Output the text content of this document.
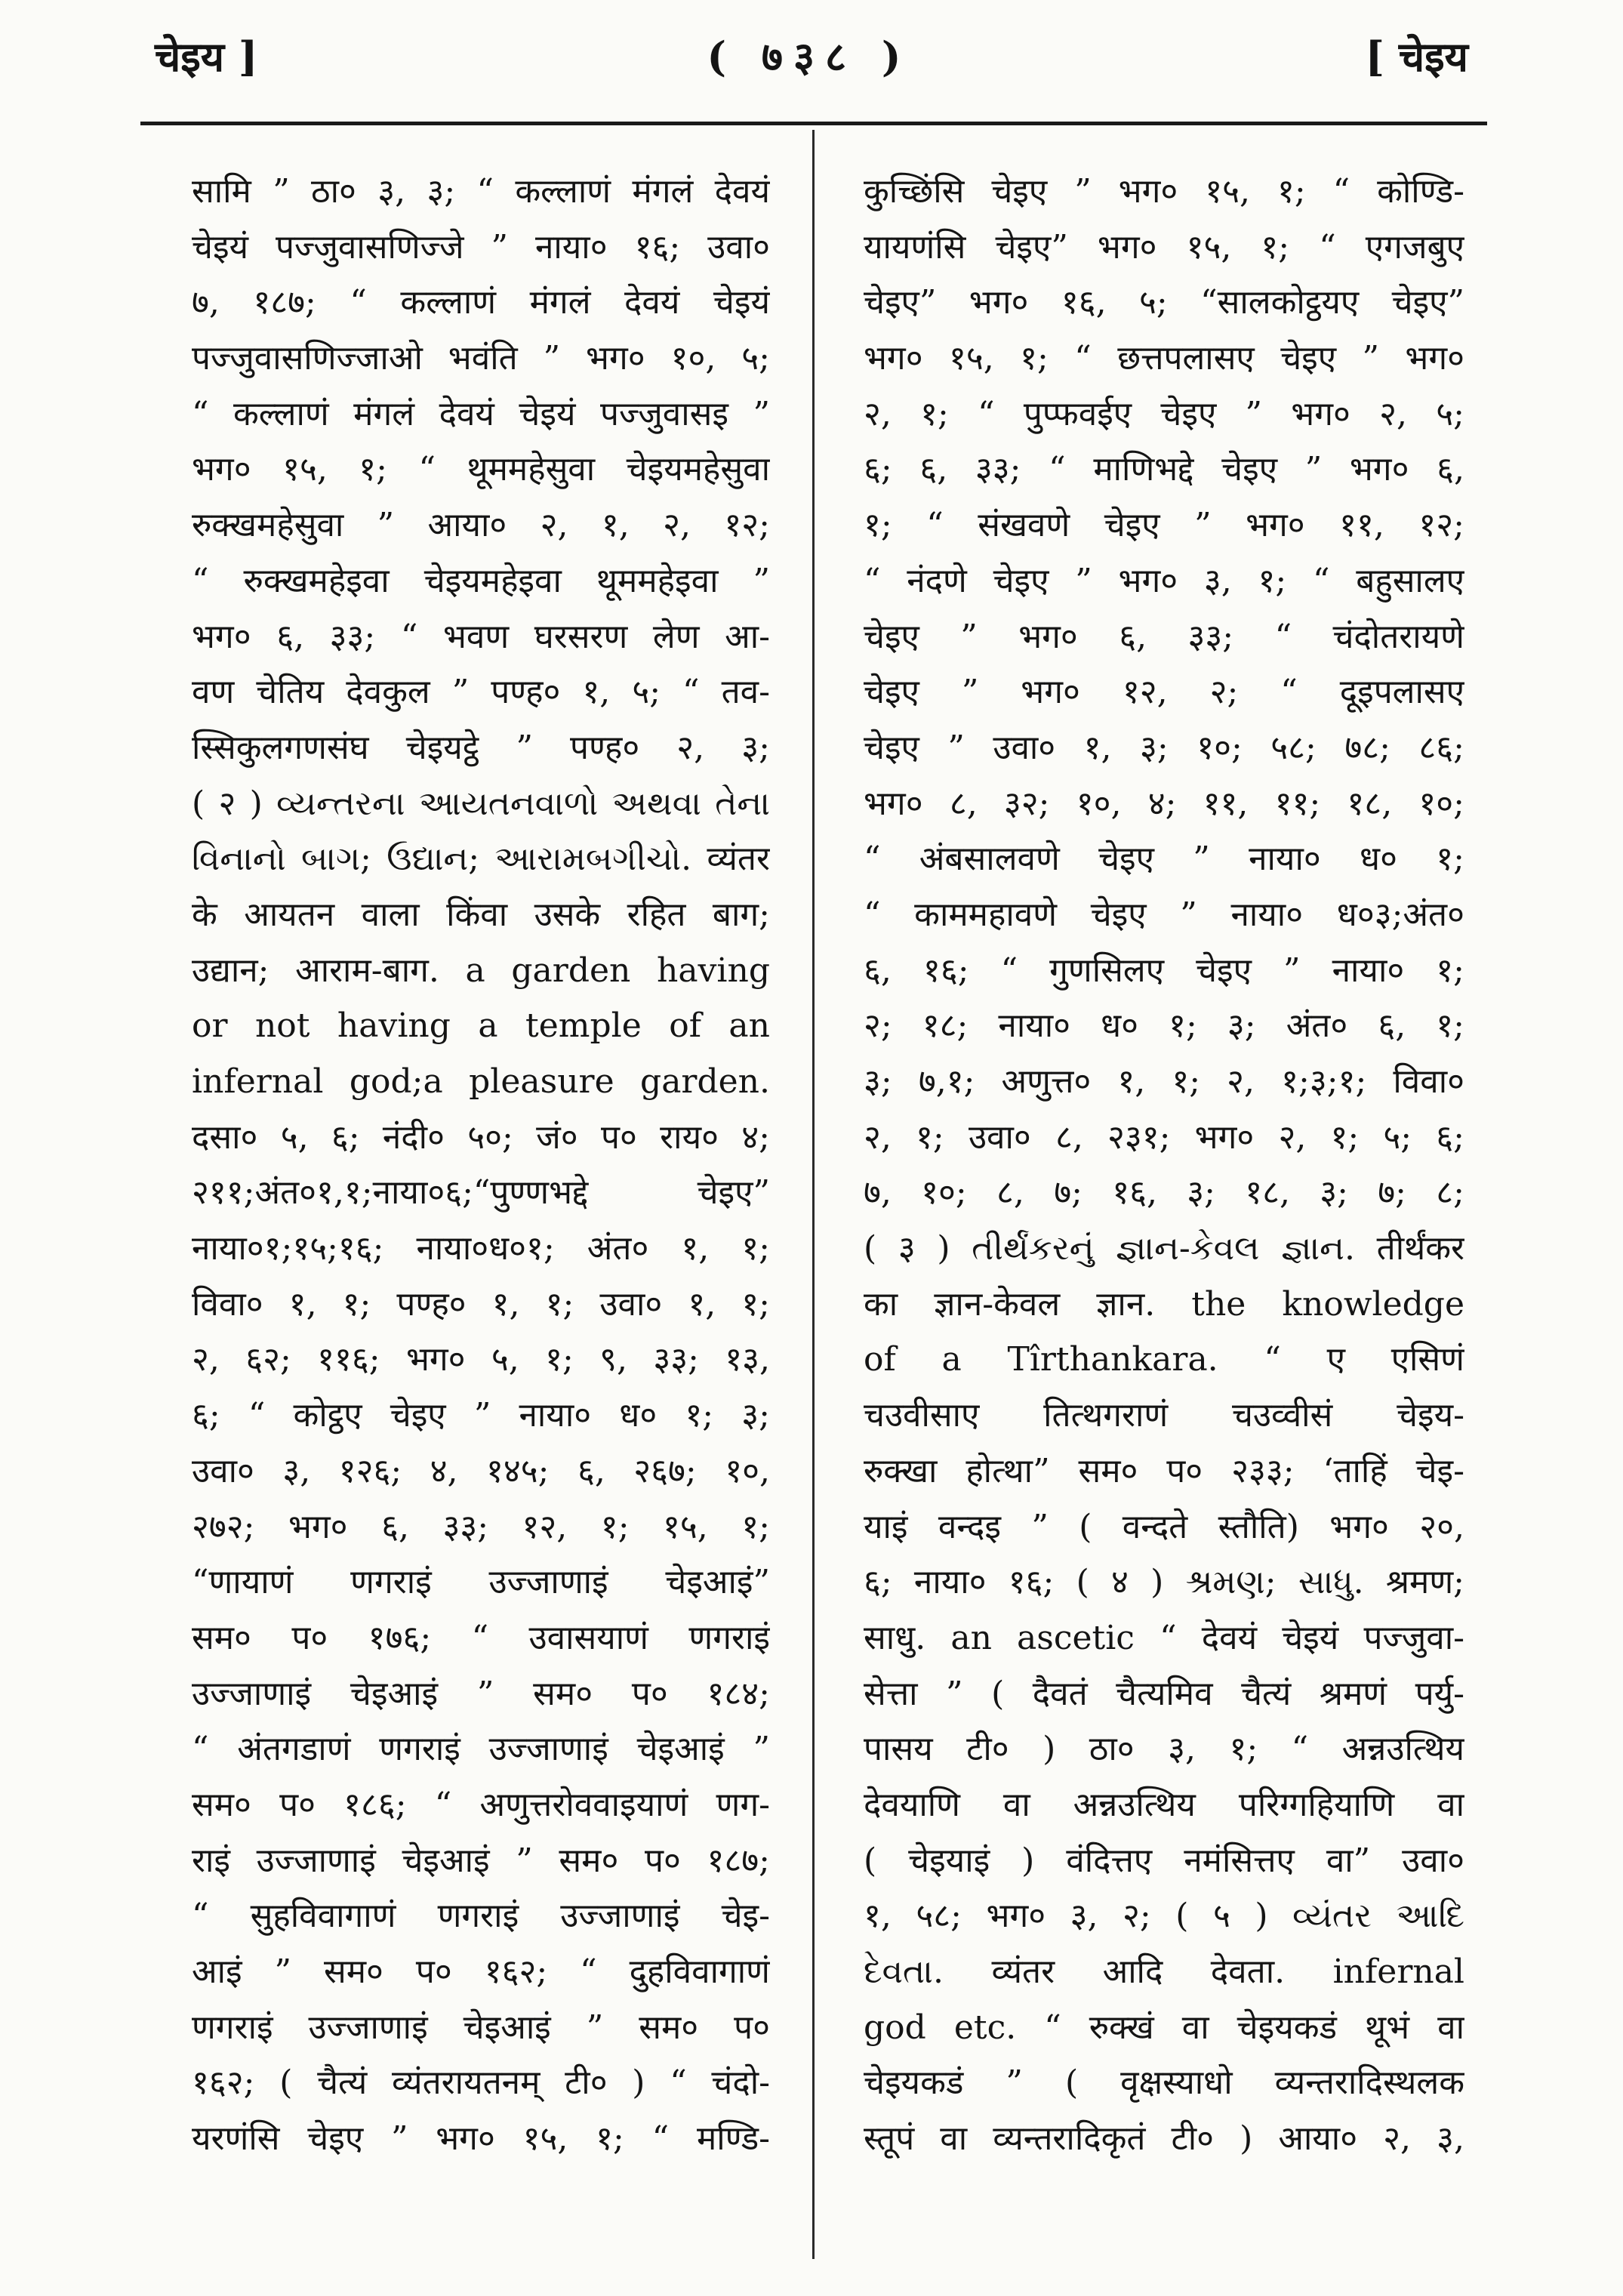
चेइय ]	( ७३८ )	[ चेइय
सामि ” ठा० ३, ३; “ कल्लाणं मंगलं देवयं
चेइयं पज्जुवासणिज्जे ” नाया० १६; उवा०
७, १८७; “ कल्लाणं मंगलं देवयं चेइयं
पज्जुवासणिज्जाओ भवंति ” भग० १०, ५;
“ कल्लाणं मंगलं देवयं चेइयं पज्जुवासइ ”
भग० १५, १; “ थूममहेसुवा चेइयमहेसुवा
रुक्खमहेसुवा ” आया० २, १, २, १२;
“ रुक्खमहेइवा चेइयमहेइवा थूममहेइवा ”
भग० ६, ३३; “ भवण घरसरण लेण आ-
वण चेतिय देवकुल ” पण्ह० १, ५; “ तव-
स्सिकुलगणसंघ चेइयट्ठे ” पण्ह० २, ३;
( २ ) વ્યન્તરના આયતનવાળો અથવા તેના
વિનાનો બાગ; ઉદ્યાન; આરામબગીચો. व्यंतर
के आयतन वाला किंवा उसके रहित बाग;
उद्यान; आराम-बाग. a garden having
or not having a temple of an
infernal god;a pleasure garden.
दसा० ५, ६; नंदी० ५०; जं० प० राय० ४;
२११;अंत०१,१;नाया०६;“पुण्णभद्दे चेइए”
नाया०१;१५;१६; नाया०ध०१; अंत० १, १;
विवा० १, १; पण्ह० १, १; उवा० १, १;
२, ६२; ११६; भग० ५, १; ९, ३३; १३,
६; “ कोट्ठए चेइए ” नाया० ध० १; ३;
उवा० ३, १२६; ४, १४५; ६, २६७; १०,
२७२; भग० ६, ३३; १२, १; १५, १;
“णायाणं णगराइं उज्जाणाइं चेइआइं”
सम० प० १७६; “ उवासयाणं णगराइं
उज्जाणाइं चेइआइं ” सम० प० १८४;
“ अंतगडाणं णगराइं उज्जाणाइं चेइआइं ”
सम० प० १८६; “ अणुत्तरोववाइयाणं णग-
राइं उज्जाणाइं चेइआइं ” सम० प० १८७;
“ सुहविवागाणं णगराइं उज्जाणाइं चेइ-
आइं ” सम० प० १६२; “ दुहविवागाणं
णगराइं उज्जाणाइं चेइआइं ” सम० प०
१६२; ( चैत्यं व्यंतरायतनम् टी० ) “ चंदो-
यरणंसि चेइए ” भग० १५, १; “ मण्डि-
कुच्छिंसि चेइए ” भग० १५, १; “ कोण्डि-
यायणंसि चेइए” भग० १५, १; “ एगजबुए
चेइए” भग० १६, ५; “सालकोट्ठयए चेइए”
भग० १५, १; “ छत्तपलासए चेइए ” भग०
२, १; “ पुप्फवईए चेइए ” भग० २, ५;
६; ६, ३३; “ माणिभद्दे चेइए ” भग० ६,
१; “ संखवणे चेइए ” भग० ११, १२;
“ नंदणे चेइए ” भग० ३, १; “ बहुसालए
चेइए ” भग० ६, ३३; “ चंदोतरायणे
चेइए ” भग० १२, २; “ दूइपलासए
चेइए ” उवा० १, ३; १०; ५८; ७८; ८६;
भग० ८, ३२; १०, ४; ११, ११; १८, १०;
“ अंबसालवणे चेइए ” नाया० ध० १;
“ काममहावणे चेइए ” नाया० ध०३;अंत०
६, १६; “ गुणसिलए चेइए ” नाया० १;
२; १८; नाया० ध० १; ३; अंत० ६, १;
३; ७,१; अणुत्त० १, १; २, १;३;१; विवा०
२, १; उवा० ८, २३१; भग० २, १; ५; ६;
७, १०; ८, ७; १६, ३; १८, ३; ७; ८;
( ३ ) તીર્થંકરનું જ્ઞાન-કેવલ જ્ઞાન. तीर्थंकर
का ज्ञान-केवल ज्ञान. the knowledge
of a Tîrthankara. “ ए एसिणं
चउवीसाए तित्थगराणं चउव्वीसं चेइय-
रुक्खा होत्था” सम० प० २३३; ‘ताहिं चेइ-
याइं वन्दइ ” ( वन्दते स्तौति) भग० २०,
६; नाया० १६; ( ४ ) શ્રમણ; સાધુ. श्रमण;
साधु. an ascetic “ देवयं चेइयं पज्जुवा-
सेत्ता ” ( दैवतं चैत्यमिव चैत्यं श्रमणं पर्यु-
पासय टी० ) ठा० ३, १; “ अन्नउत्थिय
देवयाणि वा अन्नउत्थिय परिग्गहियाणि वा
( चेइयाइं ) वंदित्तए नमंसित्तए वा” उवा०
१, ५८; भग० ३, २; ( ५ ) વ્યંતર આદિ
દેવતા. व्यंतर आदि देवता. infernal
god etc. “ रुक्खं वा चेइयकडं थूभं वा
चेइयकडं ” ( वृक्षस्याधो व्यन्तरादिस्थलक
स्तूपं वा व्यन्तरादिकृतं टी० ) आया० २, ३,
